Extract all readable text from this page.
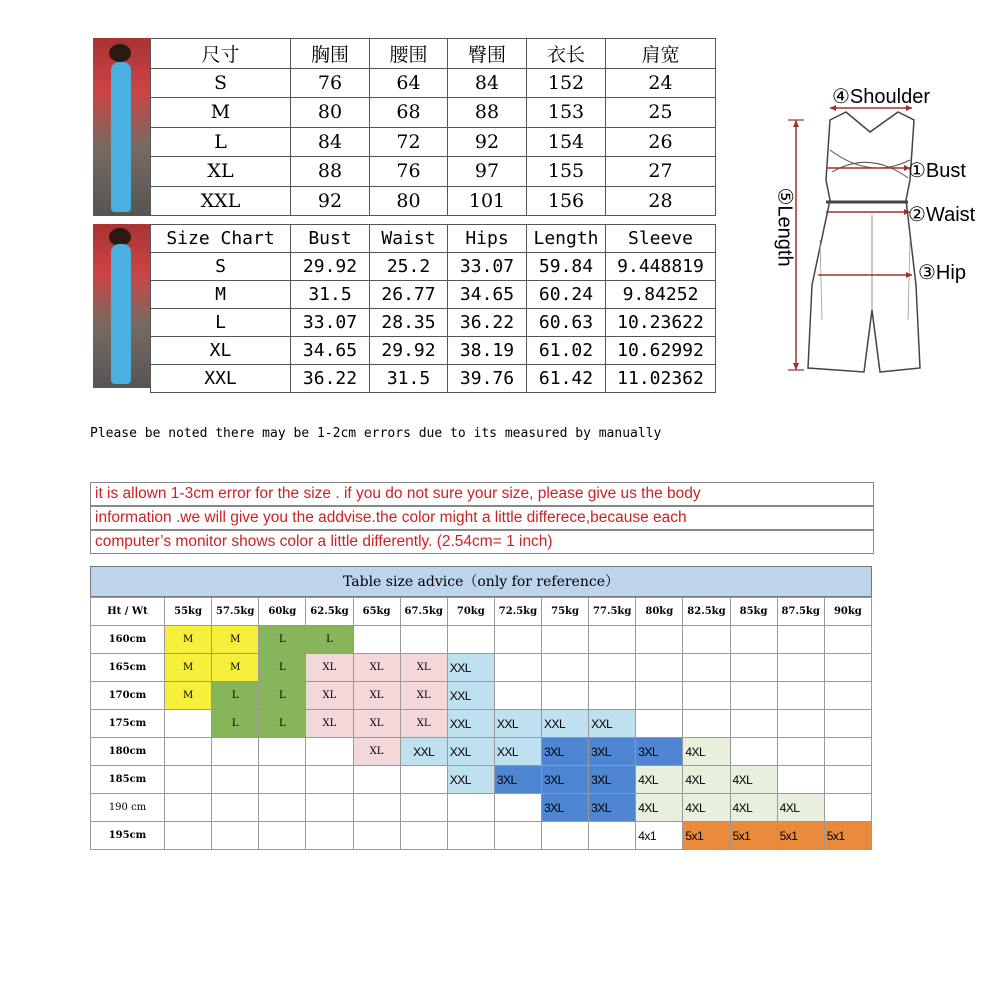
尺寸	胸围	腰围	臀围	衣长	肩宽
S	76	64	84	152	24
M	80	68	88	153	25
L	84	72	92	154	26
XL	88	76	97	155	27
XXL	92	80	101	156	28
Size Chart	Bust	Waist	Hips	Length	Sleeve
S	29.92	25.2	33.07	59.84	9.448819
M	31.5	26.77	34.65	60.24	9.84252
L	33.07	28.35	36.22	60.63	10.23622
XL	34.65	29.92	38.19	61.02	10.62992
XXL	36.22	31.5	39.76	61.42	11.02362
④Shoulder
①Bust
②Waist
③Hip
⑤Length
Please be noted there may be 1-2cm errors due to its measured by manually
it is allown 1-3cm error for the size . if you do not sure your size, please give us the body
information .we will give you the addvise.the color might a little differece,because each
computer’s monitor shows color a little differently. (2.54cm= 1 inch)
Table size advice（only for reference）
Ht / Wt	55kg	57.5kg	60kg	62.5kg	65kg	67.5kg	70kg	72.5kg	75kg	77.5kg	80kg	82.5kg	85kg	87.5kg	90kg
160cm	M	M	L	L											
165cm	M	M	L	XL	XL	XL	XXL								
170cm	M	L	L	XL	XL	XL	XXL								
175cm		L	L	XL	XL	XL	XXL	XXL	XXL	XXL					
180cm					XL	XXL	XXL	XXL	3XL	3XL	3XL	4XL			
185cm							XXL	3XL	3XL	3XL	4XL	4XL	4XL		
190 cm									3XL	3XL	4XL	4XL	4XL	4XL	
195cm											4x1	5x1	5x1	5x1	5x1
